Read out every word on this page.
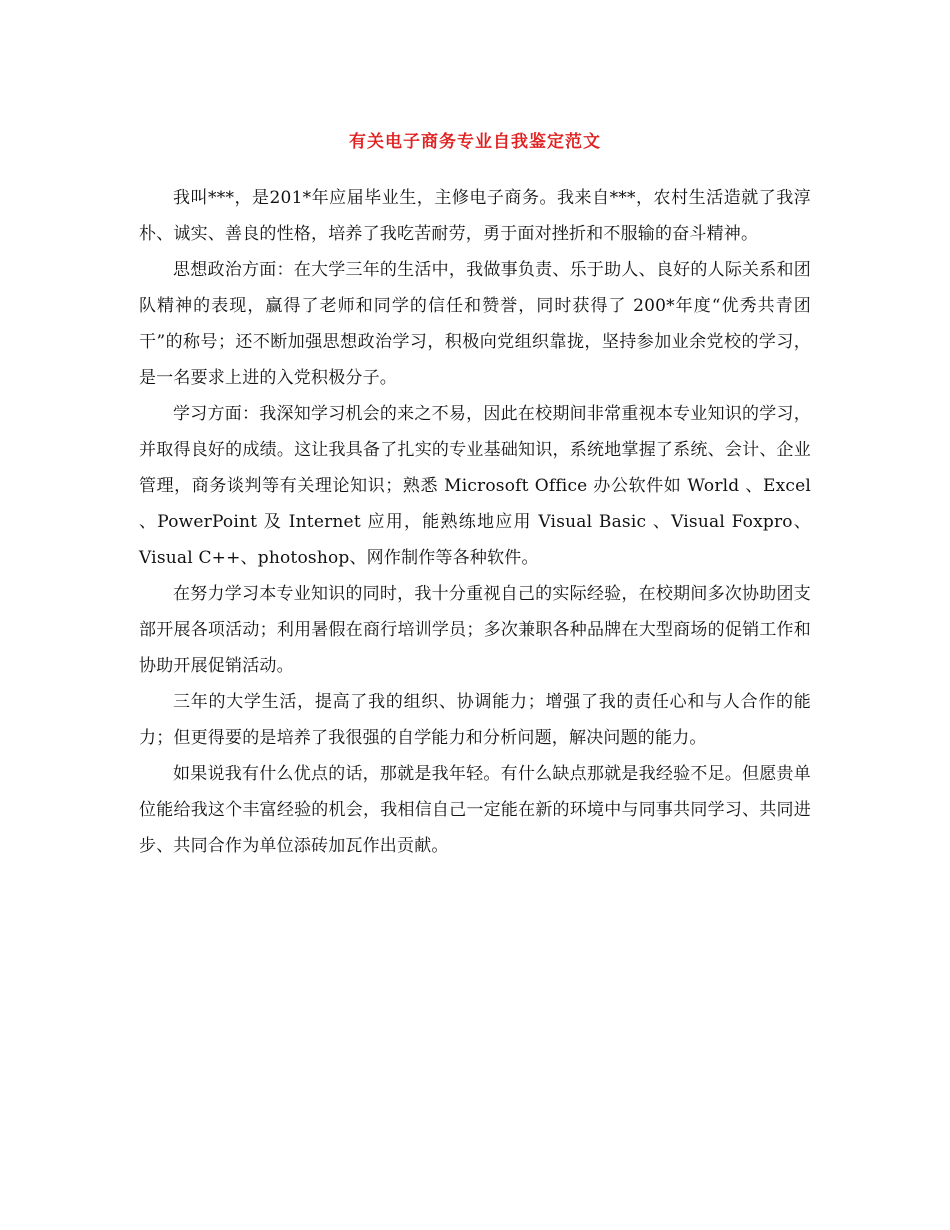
有关电子商务专业自我鉴定范文

我叫***，是201*年应届毕业生，主修电子商务。我来自***，农村生活造就了我淳朴、诚实、善良的性格，培养了我吃苦耐劳，勇于面对挫折和不服输的奋斗精神。

思想政治方面：在大学三年的生活中，我做事负责、乐于助人、良好的人际关系和团队精神的表现，赢得了老师和同学的信任和赞誉，同时获得了 200*年度“优秀共青团干”的称号；还不断加强思想政治学习，积极向党组织靠拢，坚持参加业余党校的学习，是一名要求上进的入党积极分子。

学习方面：我深知学习机会的来之不易，因此在校期间非常重视本专业知识的学习，并取得良好的成绩。这让我具备了扎实的专业基础知识，系统地掌握了系统、会计、企业管理，商务谈判等有关理论知识；熟悉 Microsoft Office 办公软件如 World 、Excel 、PowerPoint 及 Internet 应用，能熟练地应用 Visual Basic 、Visual Foxpro、Visual C++、photoshop、网作制作等各种软件。

在努力学习本专业知识的同时，我十分重视自己的实际经验，在校期间多次协助团支部开展各项活动；利用暑假在商行培训学员；多次兼职各种品牌在大型商场的促销工作和协助开展促销活动。

三年的大学生活，提高了我的组织、协调能力；增强了我的责任心和与人合作的能力；但更得要的是培养了我很强的自学能力和分析问题，解决问题的能力。

如果说我有什么优点的话，那就是我年轻。有什么缺点那就是我经验不足。但愿贵单位能给我这个丰富经验的机会，我相信自己一定能在新的环境中与同事共同学习、共同进步、共同合作为单位添砖加瓦作出贡献。
